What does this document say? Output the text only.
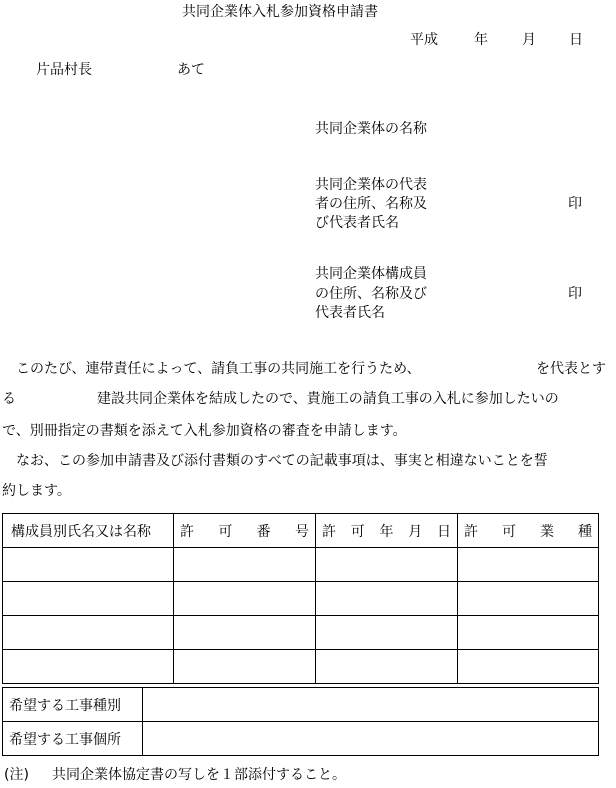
共同企業体入札参加資格申請書
平成	年 月 日
片品村長	あて
共同企業体の名称
共同企業体の代表
者の住所、名称及
び代表者氏名
印
共同企業体構成員
の住所、名称及び
代表者氏名
印
　このたび、連帯責任によって、請負工事の共同施工を行うため、	を代表とす
る	建設共同企業体を結成したので、貴施工の請負工事の入札に参加したいの
で、別冊指定の書類を添えて入札参加資格の審査を申請します。
　なお、この参加申請書及び添付書類のすべての記載事項は、事実と相違ないことを誓
約します。
構成員別氏名又は名称	許 可 番 号	許 可 年 月 日	許 可 業 種

希望する工事種別	
希望する工事個所	
(注) 共同企業体協定書の写しを１部添付すること。
